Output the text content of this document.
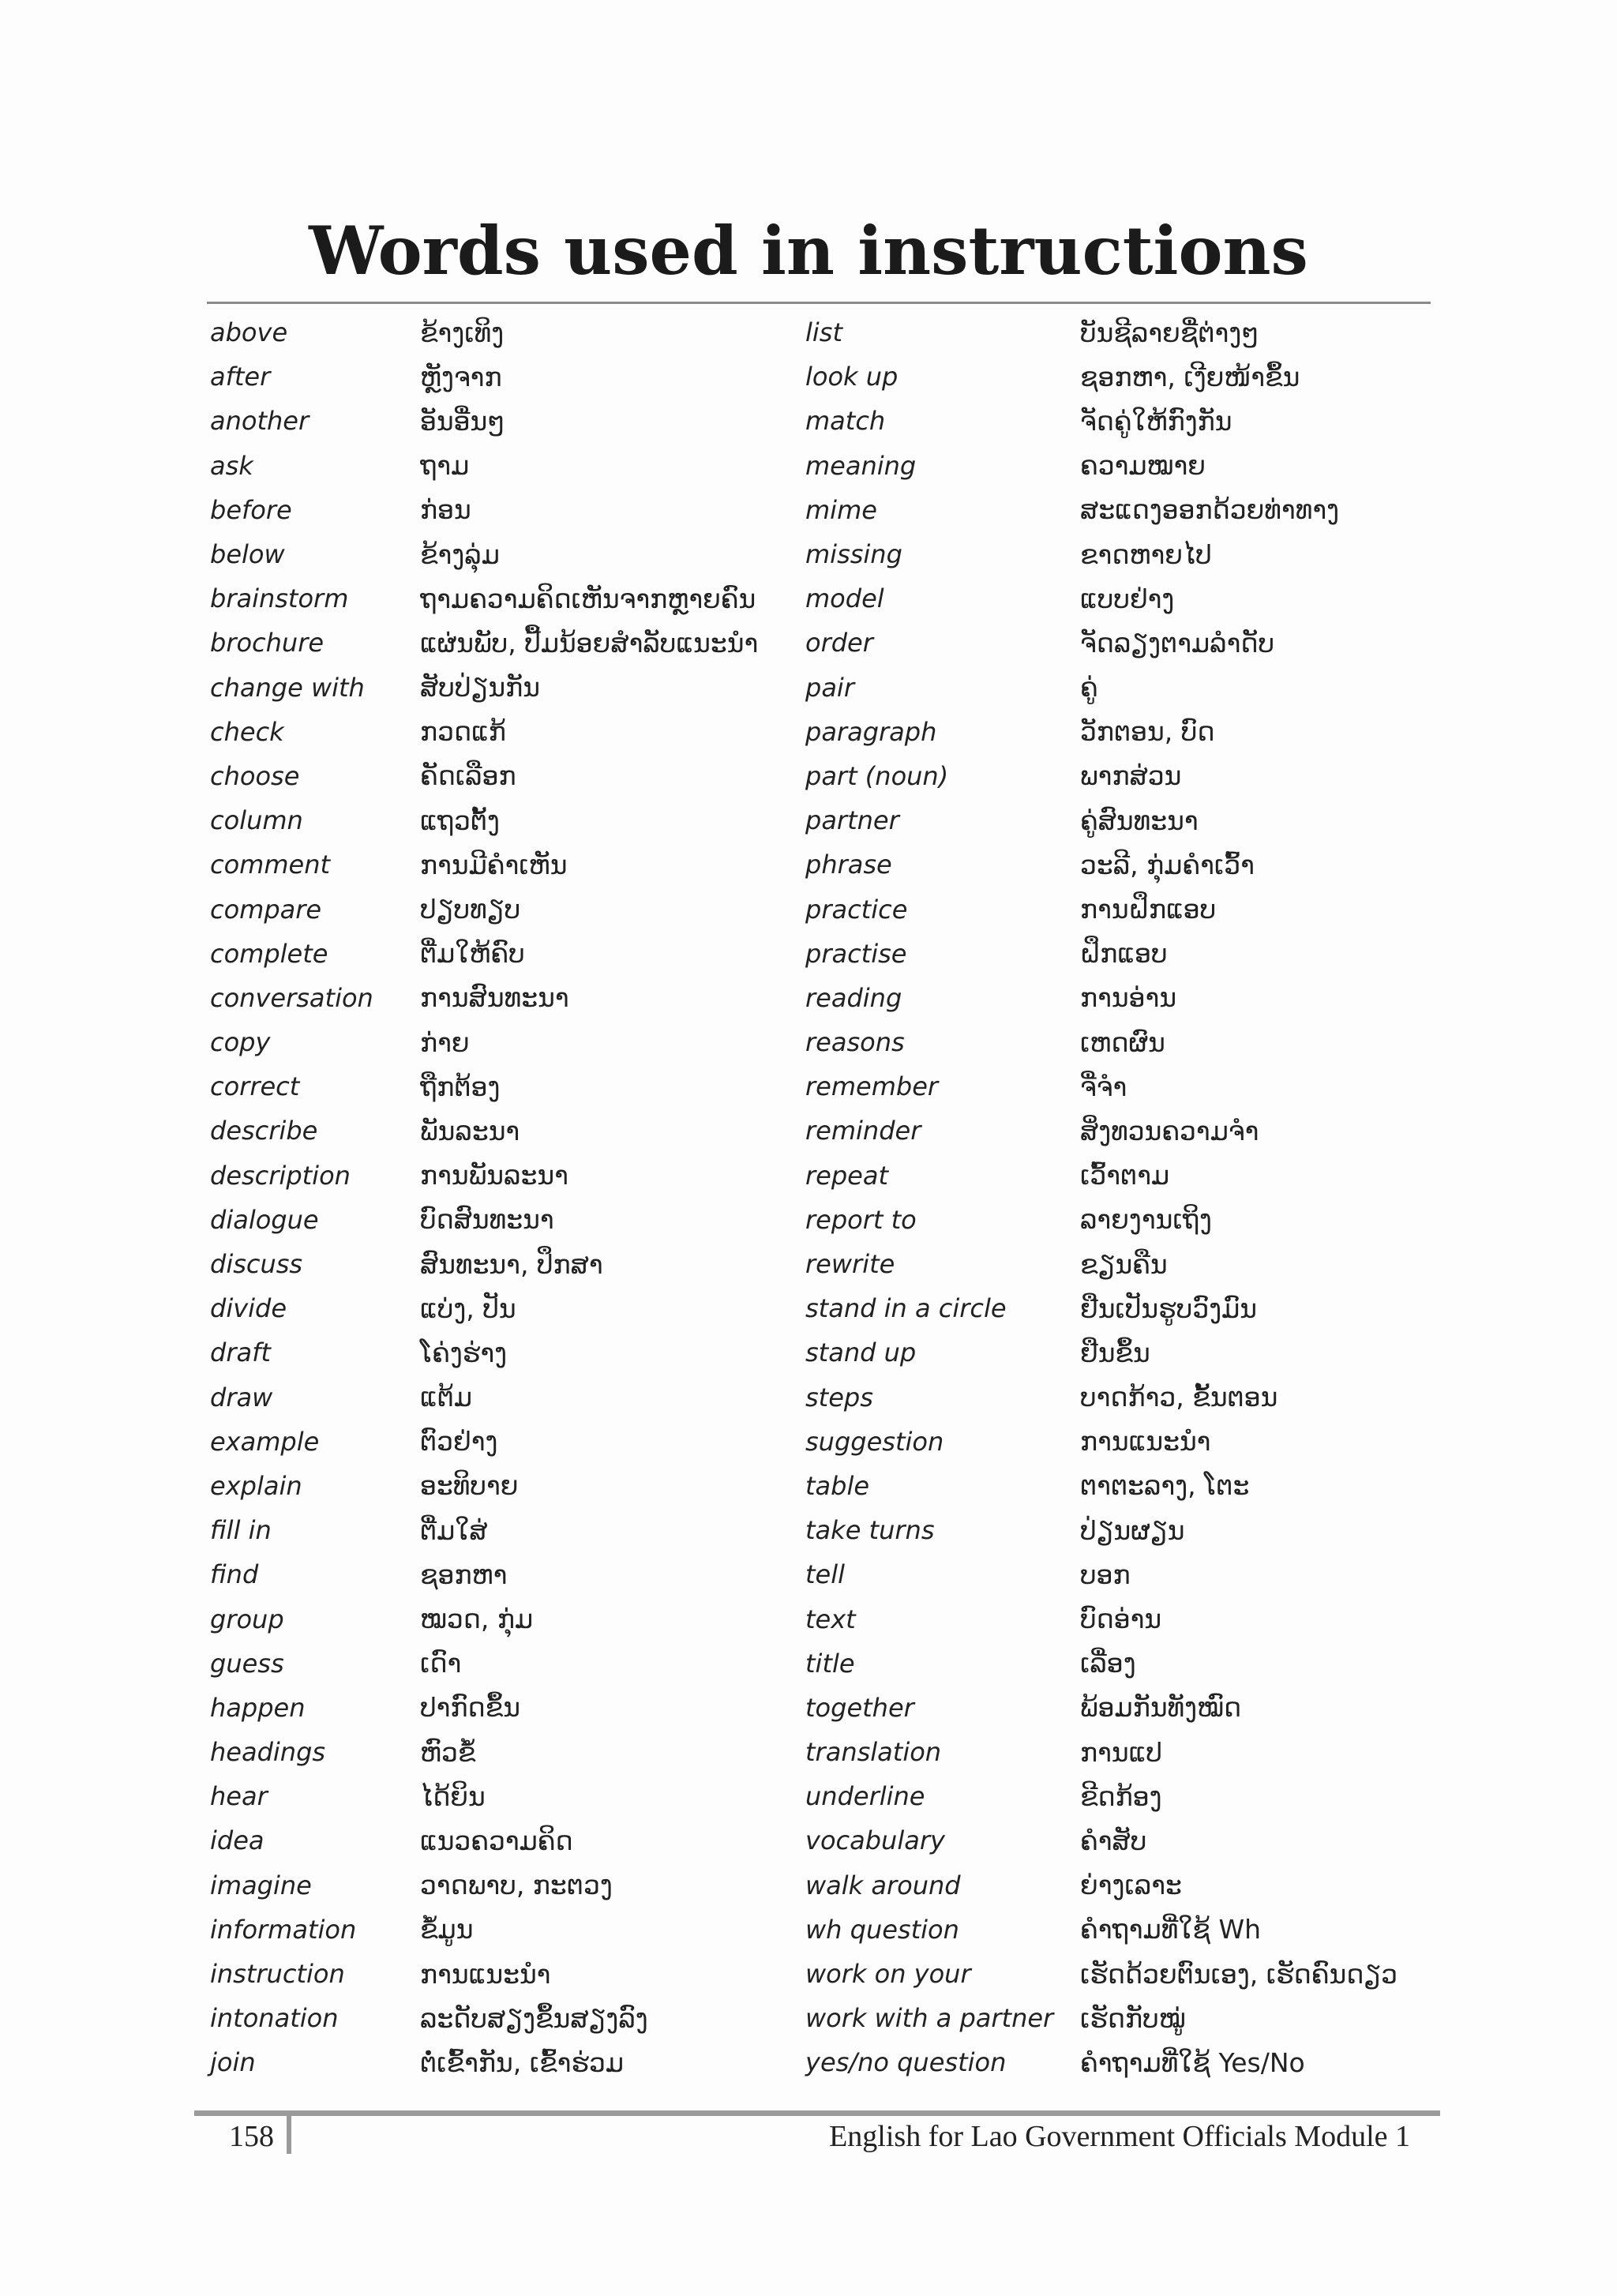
Words used in instructions
above
after
another
ask
before
below
brainstorm
brochure
change with
check
choose
column
comment
compare
complete
conversation
copy
correct
describe
description
dialogue
discuss
divide
draft
draw
example
explain
fill in
find
group
guess
happen
headings
hear
idea
imagine
information
instruction
intonation
join
ຂ້າງເທິງ
ຫຼັງຈາກ
ອັນອື່ນໆ
ຖາມ
ກ່ອນ
ຂ້າງລຸ່ມ
ຖາມຄວາມຄິດເຫັນຈາກຫຼາຍຄົນ
ແຜ່ນພັບ, ປື້ມນ້ອຍສຳລັບແນະນຳ
ສັບປ່ຽນກັນ
ກວດແກ້
ຄັດເລືອກ
ແຖວຕັ້ງ
ການມີຄຳເຫັນ
ປຽບທຽບ
ຕື່ມໃຫ້ຄົບ
ການສົນທະນາ
ກ່າຍ
ຖືກຕ້ອງ
ພັນລະນາ
ການພັນລະນາ
ບົດສົນທະນາ
ສົນທະນາ, ປຶກສາ
ແບ່ງ, ປັນ
ໂຄ່ງຮ່າງ
ແຕ້ມ
ຕົວຢ່າງ
ອະທິບາຍ
ຕື່ມໃສ່
ຊອກຫາ
ໝວດ, ກຸ່ມ
ເດົາ
ປາກົດຂຶ້ນ
ຫົວຂໍ້
ໄດ້ຍິນ
ແນວຄວາມຄິດ
ວາດພາບ, ກະຕວງ
ຂໍ້ມູນ
ການແນະນຳ
ລະດັບສຽງຂຶ້ນສຽງລົງ
ຕໍ່ເຂົ້າກັນ, ເຂົ້າຮ່ວມ
list
look up
match
meaning
mime
missing
model
order
pair
paragraph
part (noun)
partner
phrase
practice
practise
reading
reasons
remember
reminder
repeat
report to
rewrite
stand in a circle
stand up
steps
suggestion
table
take turns
tell
text
title
together
translation
underline
vocabulary
walk around
wh question
work on your
work with a partner
yes/no question
ບັນຊີລາຍຊື່ຕ່າງໆ
ຊອກຫາ, ເງີຍໜ້າຂຶ້ນ
ຈັດຄູ່ໃຫ້ກົງກັນ
ຄວາມໝາຍ
ສະແດງອອກດ້ວຍທ່າທາງ
ຂາດຫາຍໄປ
ແບບຢ່າງ
ຈັດລຽງຕາມລຳດັບ
ຄູ່
ວັກຕອນ, ບົດ
ພາກສ່ວນ
ຄູ່ສົນທະນາ
ວະລີ, ກຸ່ມຄຳເວົ້າ
ການຝຶກແອບ
ຝຶກແອບ
ການອ່ານ
ເຫດຜົນ
ຈື່ຈຳ
ສິ່ງທວນຄວາມຈຳ
ເວົ້າຕາມ
ລາຍງານເຖິງ
ຂຽນຄືນ
ຢືນເປັນຮູບວົງມົນ
ຢືນຂຶ້ນ
ບາດກ້າວ, ຂັ້ນຕອນ
ການແນະນຳ
ຕາຕະລາງ, ໂຕະ
ປ່ຽນຜຽນ
ບອກ
ບົດອ່ານ
ເລື່ອງ
ພ້ອມກັນທັງໝົດ
ການແປ
ຂີດກ້ອງ
ຄຳສັບ
ຍ່າງເລາະ
ຄຳຖາມທີ່ໃຊ້ Wh
ເຮັດດ້ວຍຕົນເອງ, ເຮັດຄົນດຽວ
ເຮັດກັບໝູ່
ຄຳຖາມທີ່ໃຊ້ Yes/No
158	English for Lao Government Officials Module 1
